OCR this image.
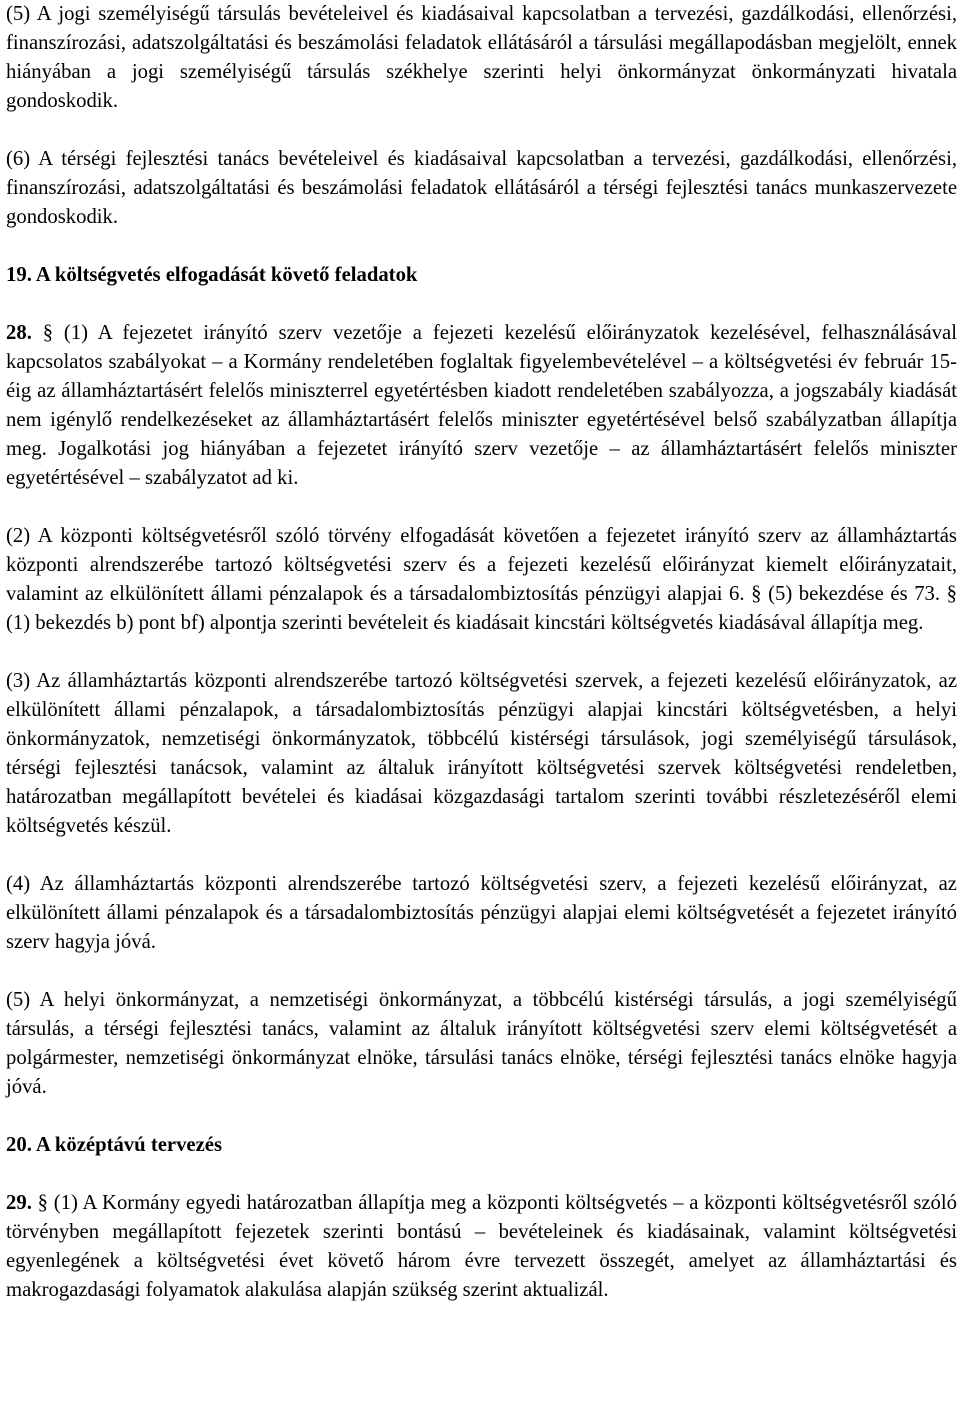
(5) A jogi személyiségű társulás bevételeivel és kiadásaival kapcsolatban a tervezési, gazdálkodási, ellenőrzési, finanszírozási, adatszolgáltatási és beszámolási feladatok ellátásáról a társulási megállapodásban megjelölt, ennek hiányában a jogi személyiségű társulás székhelye szerinti helyi önkormányzat önkormányzati hivatala gondoskodik.

(6) A térségi fejlesztési tanács bevételeivel és kiadásaival kapcsolatban a tervezési, gazdálkodási, ellenőrzési, finanszírozási, adatszolgáltatási és beszámolási feladatok ellátásáról a térségi fejlesztési tanács munkaszervezete gondoskodik.

19. A költségvetés elfogadását követő feladatok

28. § (1) A fejezetet irányító szerv vezetője a fejezeti kezelésű előirányzatok kezelésével, felhasználásával kapcsolatos szabályokat – a Kormány rendeletében foglaltak figyelembevételével – a költségvetési év február 15-éig az államháztartásért felelős miniszterrel egyetértésben kiadott rendeletében szabályozza, a jogszabály kiadását nem igénylő rendelkezéseket az államháztartásért felelős miniszter egyetértésével belső szabályzatban állapítja meg. Jogalkotási jog hiányában a fejezetet irányító szerv vezetője – az államháztartásért felelős miniszter egyetértésével – szabályzatot ad ki.

(2) A központi költségvetésről szóló törvény elfogadását követően a fejezetet irányító szerv az államháztartás központi alrendszerébe tartozó költségvetési szerv és a fejezeti kezelésű előirányzat kiemelt előirányzatait, valamint az elkülönített állami pénzalapok és a társadalombiztosítás pénzügyi alapjai 6. § (5) bekezdése és 73. § (1) bekezdés b) pont bf) alpontja szerinti bevételeit és kiadásait kincstári költségvetés kiadásával állapítja meg.

(3) Az államháztartás központi alrendszerébe tartozó költségvetési szervek, a fejezeti kezelésű előirányzatok, az elkülönített állami pénzalapok, a társadalombiztosítás pénzügyi alapjai kincstári költségvetésben, a helyi önkormányzatok, nemzetiségi önkormányzatok, többcélú kistérségi társulások, jogi személyiségű társulások, térségi fejlesztési tanácsok, valamint az általuk irányított költségvetési szervek költségvetési rendeletben, határozatban megállapított bevételei és kiadásai közgazdasági tartalom szerinti további részletezéséről elemi költségvetés készül.

(4) Az államháztartás központi alrendszerébe tartozó költségvetési szerv, a fejezeti kezelésű előirányzat, az elkülönített állami pénzalapok és a társadalombiztosítás pénzügyi alapjai elemi költségvetését a fejezetet irányító szerv hagyja jóvá.

(5) A helyi önkormányzat, a nemzetiségi önkormányzat, a többcélú kistérségi társulás, a jogi személyiségű társulás, a térségi fejlesztési tanács, valamint az általuk irányított költségvetési szerv elemi költségvetését a polgármester, nemzetiségi önkormányzat elnöke, társulási tanács elnöke, térségi fejlesztési tanács elnöke hagyja jóvá.

20. A középtávú tervezés

29. § (1) A Kormány egyedi határozatban állapítja meg a központi költségvetés – a központi költségvetésről szóló törvényben megállapított fejezetek szerinti bontású – bevételeinek és kiadásainak, valamint költségvetési egyenlegének a költségvetési évet követő három évre tervezett összegét, amelyet az államháztartási és makrogazdasági folyamatok alakulása alapján szükség szerint aktualizál.
